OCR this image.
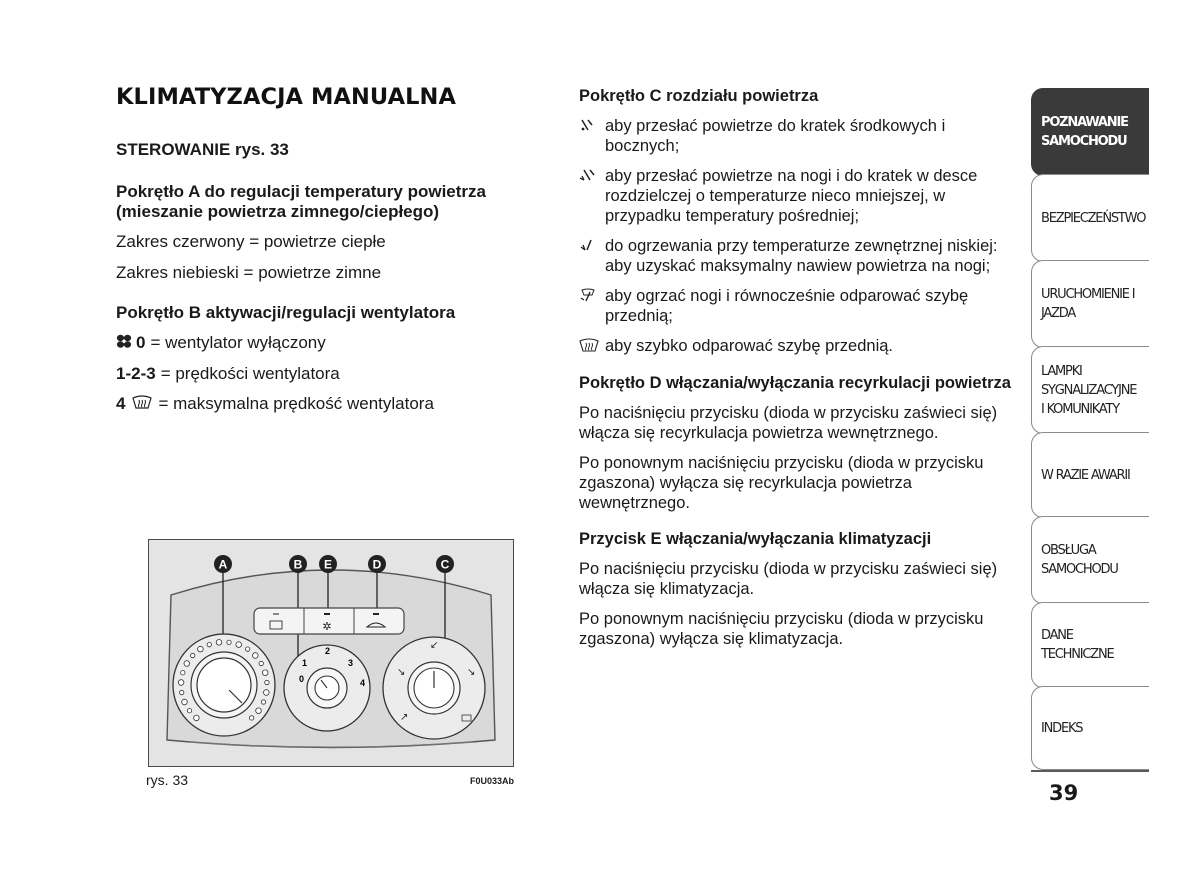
KLIMATYZACJA MANUALNA
STEROWANIE rys. 33
Pokrętło A do regulacji temperatury powietrza (mieszanie powietrza zimnego/ciepłego)
Zakres czerwony = powietrze ciepłe
Zakres niebieski = powietrze zimne
Pokrętło B aktywacji/regulacji wentylatora
0 = wentylator wyłączony
1-2-3 = prędkości wentylatora
4 = maksymalna prędkość wentylatora
A	B E	D	C
✲
0
1
2
3
4
↙
↘	↘
↗
rys. 33	F0U033Ab
Pokrętło C rozdziału powietrza
aby przesłać powietrze do kratek środkowych i bocznych;
aby przesłać powietrze na nogi i do kratek w desce rozdzielczej o temperaturze nieco mniejszej, w przypadku temperatury pośredniej;
do ogrzewania przy temperaturze zewnętrznej niskiej: aby uzyskać maksymalny nawiew powietrza na nogi;
aby ogrzać nogi i równocześnie odparować szybę przednią;
aby szybko odparować szybę przednią.
Pokrętło D włączania/wyłączania recyrkulacji powietrza
Po naciśnięciu przycisku (dioda w przycisku zaświeci się) włącza się recyrkulacja powietrza wewnętrznego.
Po ponownym naciśnięciu przycisku (dioda w przycisku zgaszona) wyłącza się recyrkulacja powietrza wewnętrznego.
Przycisk E włączania/wyłączania klimatyzacji
Po naciśnięciu przycisku (dioda w przycisku zaświeci się) włącza się klimatyzacja.
Po ponownym naciśnięciu przycisku (dioda w przycisku zgaszona) wyłącza się klimatyzacja.
POZNAWANIE SAMOCHODU
BEZPIECZEŃSTWO
URUCHOMIENIE I JAZDA
LAMPKI SYGNALIZACYJNE I KOMUNIKATY
W RAZIE AWARII
OBSŁUGA SAMOCHODU
DANE TECHNICZNE
INDEKS
39
